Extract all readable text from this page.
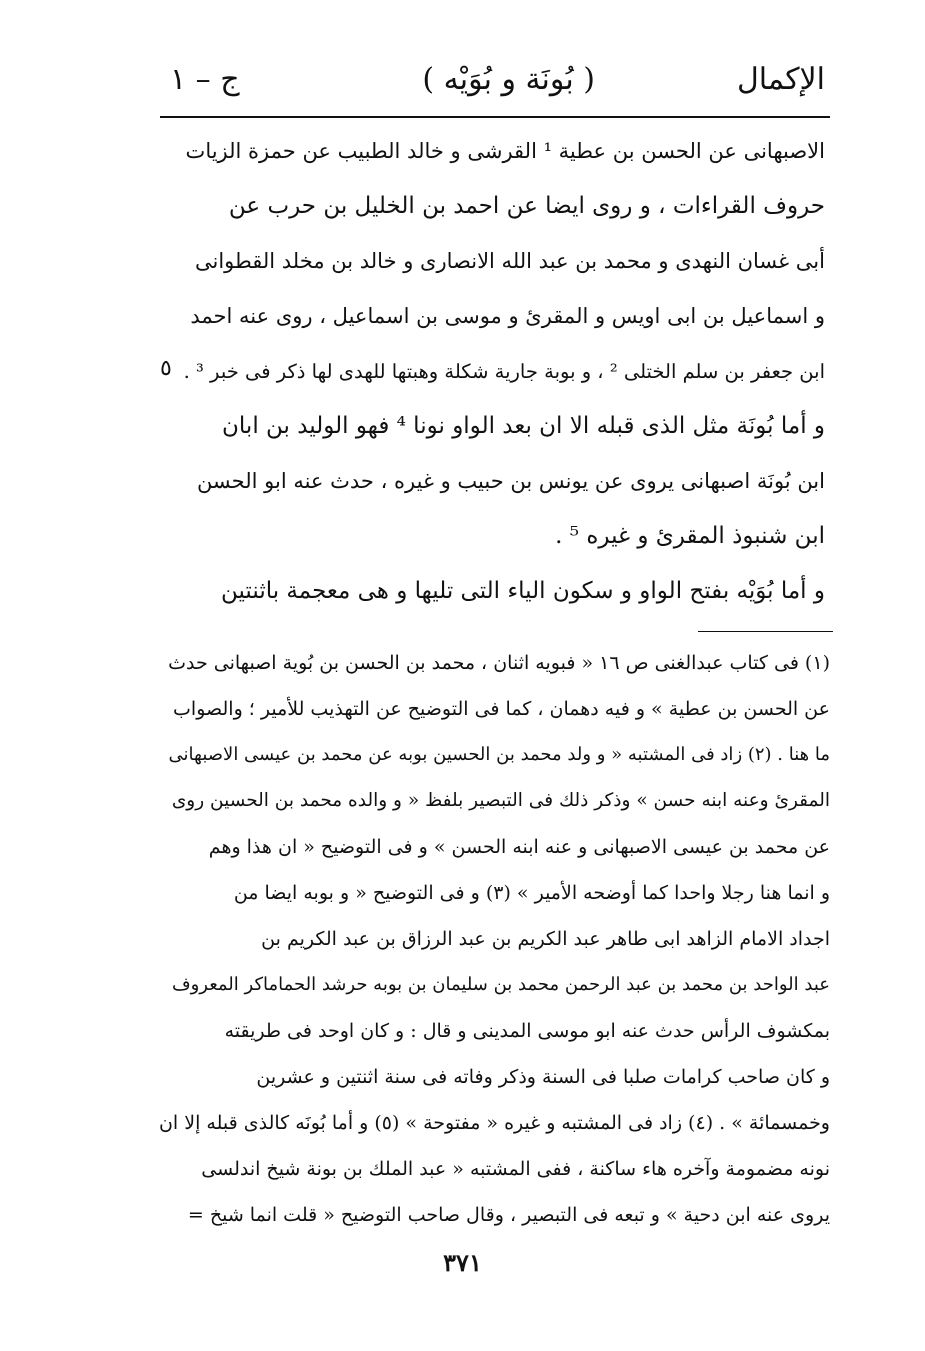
الإكمال
( بُونَة و بُوَيْه )
ج – ١
الاصبهانى عن الحسن بن عطية ¹ القرشى و خالد الطبيب عن حمزة الزيات
حروف القراءات ، و روى ايضا عن احمد بن الخليل بن حرب عن
أبى غسان النهدى و محمد بن عبد الله الانصارى و خالد بن مخلد القطوانى
و اسماعيل بن ابى اويس و المقرئ و موسى بن اسماعيل ، روى عنه احمد
ابن جعفر بن سلم الختلى ² ، و بوبة جارية شكلة وهبتها للهدى لها ذكر فى خبر ³ .
و أما بُونَة مثل الذى قبله الا ان بعد الواو نونا ⁴ فهو الوليد بن ابان
ابن بُونَة اصبهانى يروى عن يونس بن حبيب و غيره ، حدث عنه ابو الحسن
ابن شنبوذ المقرئ و غيره ⁵ .
و أما بُوَيْه بفتح الواو و سكون الياء التى تليها و هى معجمة باثنتين
٥
(١) فى كتاب عبدالغنى ص ١٦ « فبويه اثنان ، محمد بن الحسن بن بُوية اصبهانى حدث
عن الحسن بن عطية » و فيه دهمان ، كما فى التوضيح عن التهذيب للأمير ؛ والصواب
ما هنا . (٢) زاد فى المشتبه « و ولد محمد بن الحسين بوبه عن محمد بن عيسى الاصبهانى
المقرئ وعنه ابنه حسن » وذكر ذلك فى التبصير بلفظ « و والده محمد بن الحسين روى
عن محمد بن عيسى الاصبهانى و عنه ابنه الحسن » و فى التوضيح « ان هذا وهم
و انما هنا رجلا واحدا كما أوضحه الأمير » (٣) و فى التوضيح « و بوبه ايضا من
اجداد الامام الزاهد ابى طاهر عبد الكريم بن عبد الرزاق بن عبد الكريم بن
عبد الواحد بن محمد بن عبد الرحمن محمد بن سليمان بن بوبه حرشد الحماماكر المعروف
بمكشوف الرأس حدث عنه ابو موسى المدينى و قال : و كان اوحد فى طريقته
و كان صاحب كرامات صلبا فى السنة وذكر وفاته فى سنة اثنتين و عشرين
وخمسمائة » . (٤) زاد فى المشتبه و غيره « مفتوحة » (٥) و أما بُونَه كالذى قبله إلا ان
نونه مضمومة وآخره هاء ساكنة ، ففى المشتبه « عبد الملك بن بونة شيخ اندلسى
يروى عنه ابن دحية » و تبعه فى التبصير ، وقال صاحب التوضيح « قلت انما شيخ =
٣٧١
